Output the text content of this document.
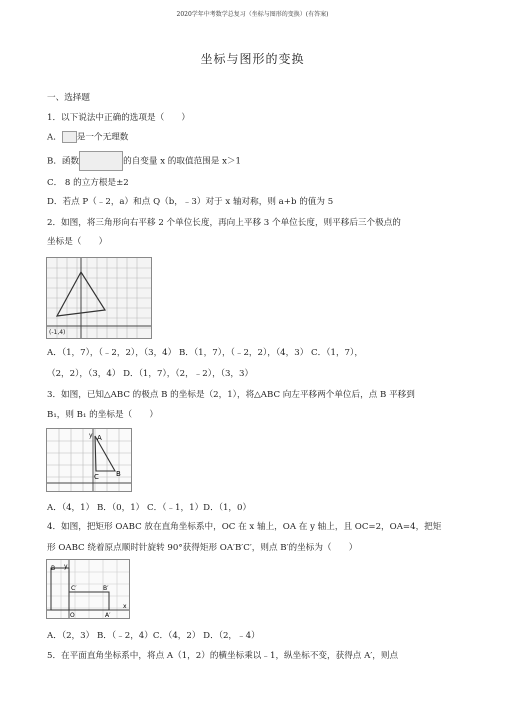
2020学年中考数学总复习（坐标与图形的变换）(有答案)
坐标与图形的变换
一、选择题
1．以下说法中正确的选项是（　　）
A． 是一个无理数
B．函数	的自变量 x 的取值范围是 x＞1
C． 8 的立方根是±2
D．若点 P（﹣2，a）和点 Q（b，﹣3）对于 x 轴对称，则 a+b 的值为 5
2．如图，将三角形向右平移 2 个单位长度，再向上平移 3 个单位长度，则平移后三个极点的
坐标是（　　）
(-1,4)
A．（1，7），（﹣2，2），（3，4） B．（1，7），（﹣2，2），（4，3） C．（1，7），
（2，2），（3，4） D．（1，7），（2，﹣2），（3，3）
3．如图，已知△ABC 的极点 B 的坐标是（2，1），将△ABC 向左平移两个单位后，点 B 平移到
B₁，则 B₁ 的坐标是（　　）
y A
C B
A．（4，1） B．（0，1） C．（﹣1，1）D．（1，0）
4．如图，把矩形 OABC 放在直角坐标系中，OC 在 x 轴上，OA 在 y 轴上，且 OC=2，OA=4，把矩
形 OABC 绕着原点顺时针旋转 90°获得矩形 OA′B′C′，则点 B′的坐标为（　　）
B y
C′	B′
A′
x
O
A．（2，3） B．（﹣2，4）C．（4，2） D．（2，﹣4）
5．在平面直角坐标系中，将点 A（1，2）的横坐标乘以﹣1，纵坐标不变，获得点 A′，则点
